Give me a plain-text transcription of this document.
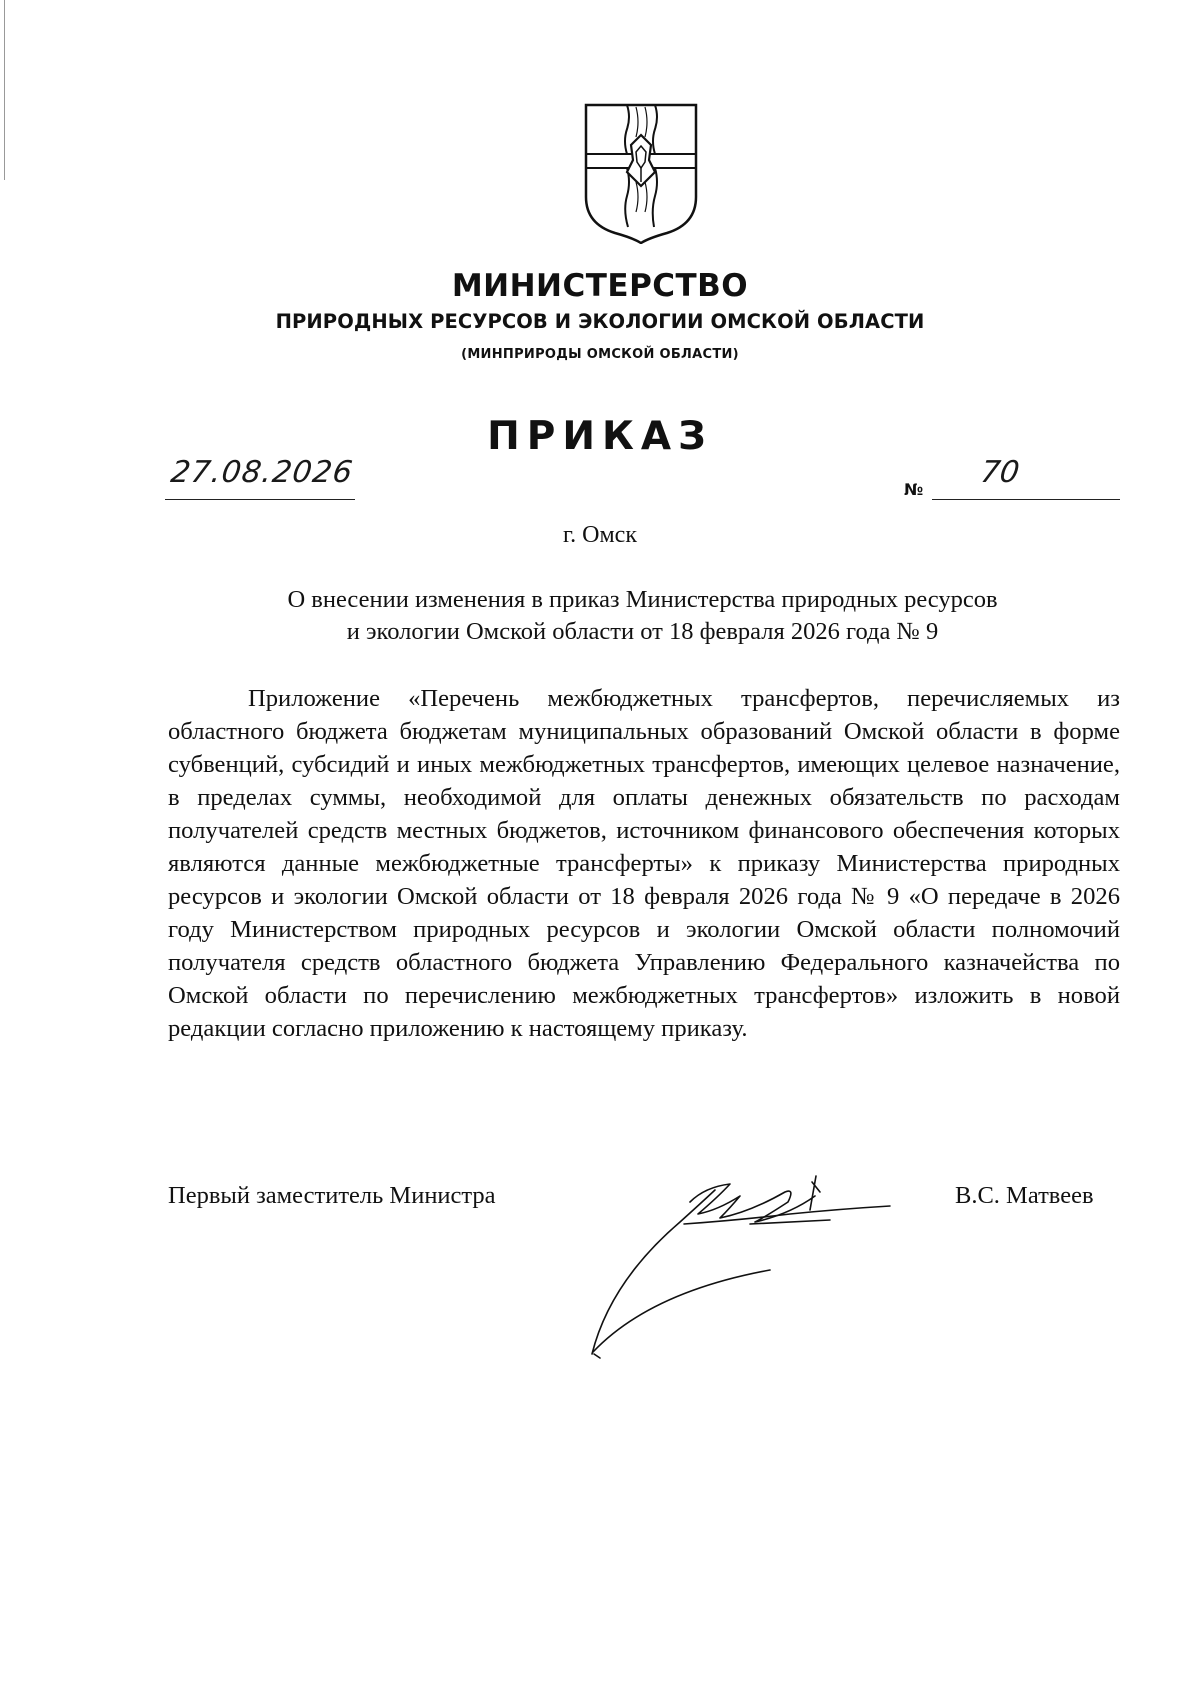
МИНИСТЕРСТВО
ПРИРОДНЫХ РЕСУРСОВ И ЭКОЛОГИИ ОМСКОЙ ОБЛАСТИ
(МИНПРИРОДЫ ОМСКОЙ ОБЛАСТИ)
ПРИКАЗ
27.08.2026	№	70
г. Омск
О внесении изменения в приказ Министерства природных ресурсов
и экологии Омской области от 18 февраля 2026 года № 9
Приложение «Перечень межбюджетных трансфертов, перечисляемых из областного бюджета бюджетам муниципальных образований Омской области в форме субвенций, субсидий и иных межбюджетных трансфертов, имеющих целевое назначение, в пределах суммы, необходимой для оплаты денежных обязательств по расходам получателей средств местных бюджетов, источником финансового обеспечения которых являются данные межбюджетные трансферты» к приказу Министерства природных ресурсов и экологии Омской области от 18 февраля 2026 года № 9 «О передаче в 2026 году Министерством природных ресурсов и экологии Омской области полномочий получателя средств областного бюджета Управлению Федерального казначейства по Омской области по перечислению межбюджетных трансфертов» изложить в новой редакции согласно приложению к настоящему приказу.
Первый заместитель Министра	В.С. Матвеев
